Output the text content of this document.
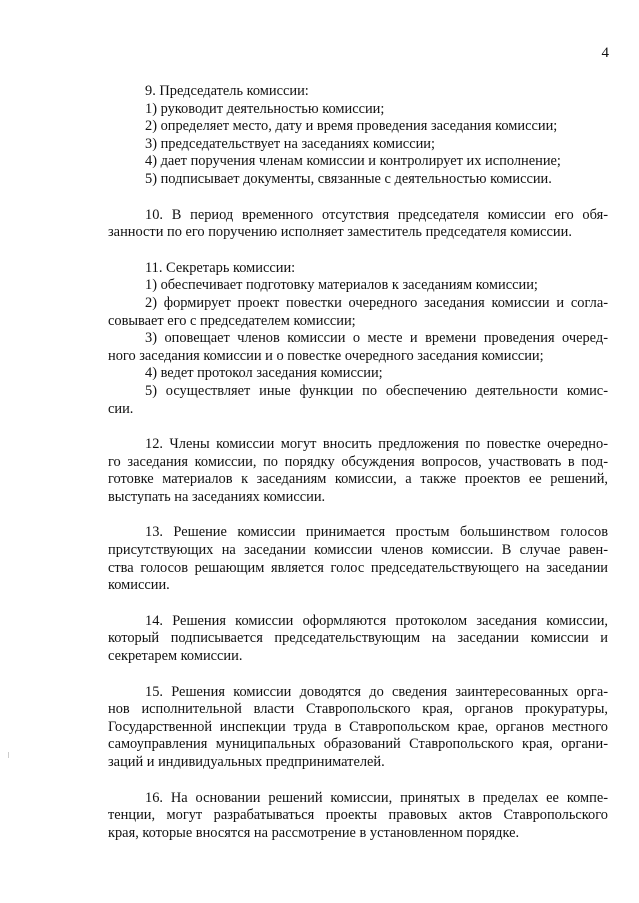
4
9. Председатель комиссии:
1) руководит деятельностью комиссии;
2) определяет место, дату и время проведения заседания комиссии;
3) председательствует на заседаниях комиссии;
4) дает поручения членам комиссии и контролирует их исполнение;
5) подписывает документы, связанные с деятельностью комиссии.
10. В период временного отсутствия председателя комиссии его обя-
занности по его поручению исполняет заместитель председателя комиссии.
11. Секретарь комиссии:
1) обеспечивает подготовку материалов к заседаниям комиссии;
2) формирует проект повестки очередного заседания комиссии и согла-
совывает его с председателем комиссии;
3) оповещает членов комиссии о месте и времени проведения очеред-
ного заседания комиссии и о повестке очередного заседания комиссии;
4) ведет протокол заседания комиссии;
5) осуществляет иные функции по обеспечению деятельности комис-
сии.
12. Члены комиссии могут вносить предложения по повестке очередно-
го заседания комиссии, по порядку обсуждения вопросов, участвовать в под-
готовке материалов к заседаниям комиссии, а также проектов ее решений,
выступать на заседаниях комиссии.
13. Решение комиссии принимается простым большинством голосов
присутствующих на заседании комиссии членов комиссии. В случае равен-
ства голосов решающим является голос председательствующего на заседании
комиссии.
14. Решения комиссии оформляются протоколом заседания комиссии,
который подписывается председательствующим на заседании комиссии и
секретарем комиссии.
15. Решения комиссии доводятся до сведения заинтересованных орга-
нов исполнительной власти Ставропольского края, органов прокуратуры,
Государственной инспекции труда в Ставропольском крае, органов местного
самоуправления муниципальных образований Ставропольского края, органи-
заций и индивидуальных предпринимателей.
16. На основании решений комиссии, принятых в пределах ее компе-
тенции, могут разрабатываться проекты правовых актов Ставропольского
края, которые вносятся на рассмотрение в установленном порядке.
